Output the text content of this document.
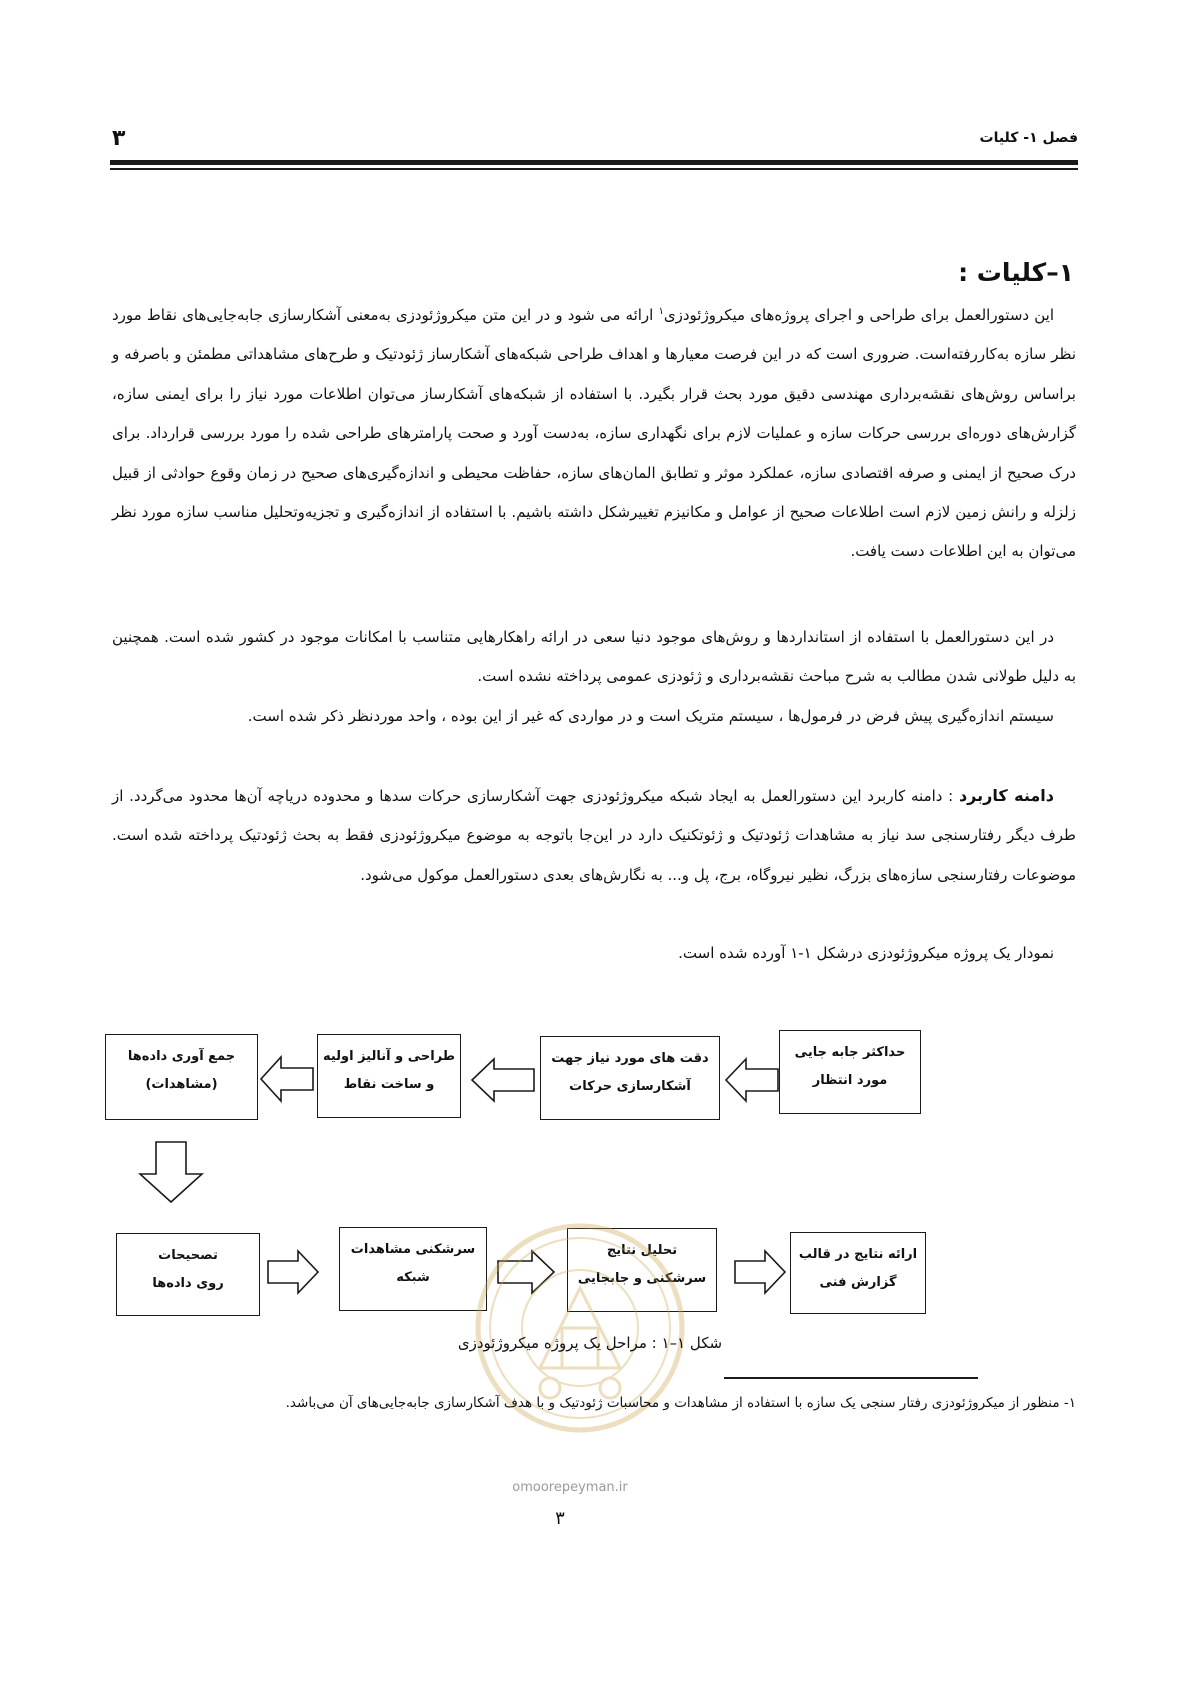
فصل ۱- کلیات
۳
۱–کلیات :

این دستورالعمل برای طراحی و اجرای پروژه‌های میکروژئودزی$^۱$ ارائه می شود و در این متن میکروژئودزی به‌معنی آشکارسازی جابه‌جایی‌های نقاط مورد نظر سازه به‌کاررفته‌است. ضروری است که در این فرصت معیارها و اهداف طراحی شبکه‌های آشکارساز ژئودتیک و طرح‌های مشاهداتی مطمئن و باصرفه و براساس روش‌های نقشه‌برداری مهندسی دقیق مورد بحث قرار بگیرد. با استفاده از شبکه‌های آشکارساز می‌توان اطلاعات مورد نیاز را برای ایمنی سازه، گزارش‌های دوره‌ای بررسی حرکات سازه و عملیات لازم برای نگهداری سازه، به‌دست آورد و صحت پارامترهای طراحی شده را مورد بررسی قرارداد. برای درک صحیح از ایمنی و صرفه اقتصادی سازه، عملکرد موثر و تطابق المان‌های سازه، حفاظت محیطی و اندازه‌گیری‌های صحیح در زمان وقوع حوادثی از قبیل زلزله و رانش زمین لازم است اطلاعات صحیح از عوامل و مکانیزم تغییرشکل داشته باشیم. با استفاده از اندازه‌گیری و تجزیه‌وتحلیل مناسب سازه مورد نظر می‌توان به این اطلاعات دست یافت.

در این دستورالعمل با استفاده از استانداردها و روش‌های موجود دنیا سعی در ارائه راهکارهایی متناسب با امکانات موجود در کشور شده است. همچنین به دلیل طولانی شدن مطالب به شرح مباحث نقشه‌برداری و ژئودزی عمومی پرداخته نشده است.

سیستم اندازه‌گیری پیش فرض در فرمول‌ها ، سیستم متریک است و در مواردی که غیر از این بوده ، واحد موردنظر ذکر شده است.

دامنه کاربرد : دامنه کاربرد این دستورالعمل به ایجاد شبکه میکروژئودزی جهت آشکارسازی حرکات سدها و محدوده دریاچه آن‌ها محدود می‌گردد. از طرف دیگر رفتارسنجی سد نیاز به مشاهدات ژئودتیک و ژئوتکنیک دارد در این‌جا باتوجه به موضوع میکروژئودزی فقط به بحث ژئودتیک پرداخته شده است. موضوعات رفتارسنجی سازه‌های بزرگ، نظیر نیروگاه، برج، پل و... به نگارش‌های بعدی دستورالعمل موکول می‌شود.

نمودار یک پروژه میکروژئودزی درشکل ۱-۱ آورده شده است.

حداکثر جابه جایی
مورد انتظار
دقت های مورد نیاز جهت
آشکارسازی حرکات
طراحی و آنالیز اولیه
و ساخت نقاط
جمع آوری داده‌ها
(مشاهدات)
ارائه نتایج در قالب
گزارش فنی
تحلیل نتایج
سرشکنی و جابجایی
سرشکنی مشاهدات
شبکه
تصحیحات
روی داده‌ها
شکل ۱–۱ : مراحل یک پروژه میکروژئودزی

۱- منظور از میکروژئودزی رفتار سنجی یک سازه با استفاده از مشاهدات و محاسبات ژئودتیک و با هدف آشکارسازی جابه‌جایی‌های آن می‌باشد.

omoorepeyman.ir
۳
